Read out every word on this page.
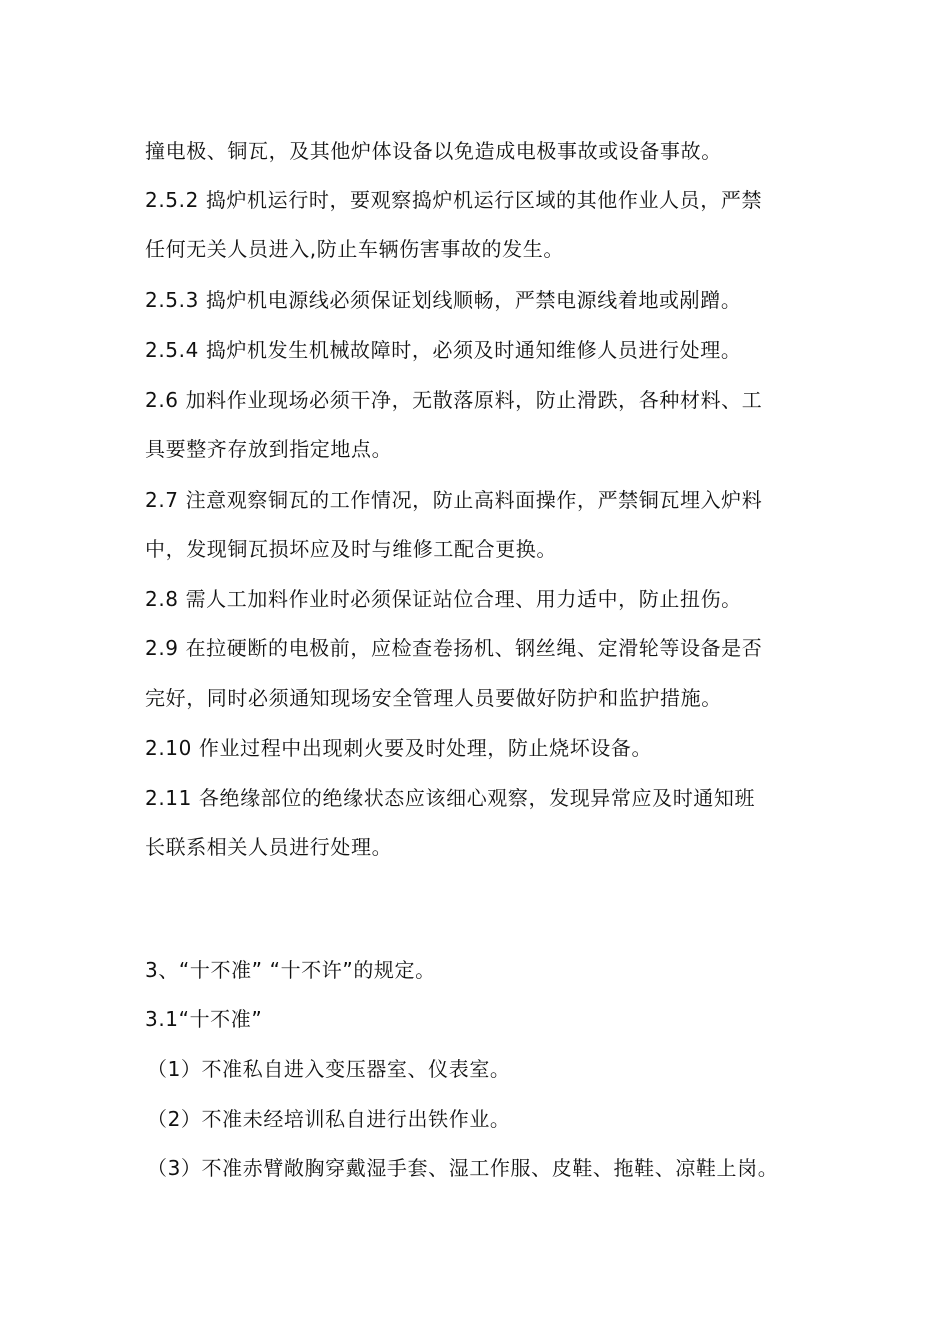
撞电极、铜瓦，及其他炉体设备以免造成电极事故或设备事故。
2.5.2 捣炉机运行时，要观察捣炉机运行区域的其他作业人员，严禁
任何无关人员进入,防止车辆伤害事故的发生。
2.5.3 捣炉机电源线必须保证划线顺畅，严禁电源线着地或剐蹭。
2.5.4 捣炉机发生机械故障时，必须及时通知维修人员进行处理。
2.6 加料作业现场必须干净，无散落原料，防止滑跌，各种材料、工
具要整齐存放到指定地点。
2.7 注意观察铜瓦的工作情况，防止高料面操作，严禁铜瓦埋入炉料
中，发现铜瓦损坏应及时与维修工配合更换。
2.8 需人工加料作业时必须保证站位合理、用力适中，防止扭伤。
2.9 在拉硬断的电极前，应检查卷扬机、钢丝绳、定滑轮等设备是否
完好，同时必须通知现场安全管理人员要做好防护和监护措施。
2.10 作业过程中出现刺火要及时处理，防止烧坏设备。
2.11 各绝缘部位的绝缘状态应该细心观察，发现异常应及时通知班
长联系相关人员进行处理。
3、“十不准” “十不许”的规定。
3.1“十不准”
（1）不准私自进入变压器室、仪表室。
（2）不准未经培训私自进行出铁作业。
（3）不准赤臂敞胸穿戴湿手套、湿工作服、皮鞋、拖鞋、凉鞋上岗。
